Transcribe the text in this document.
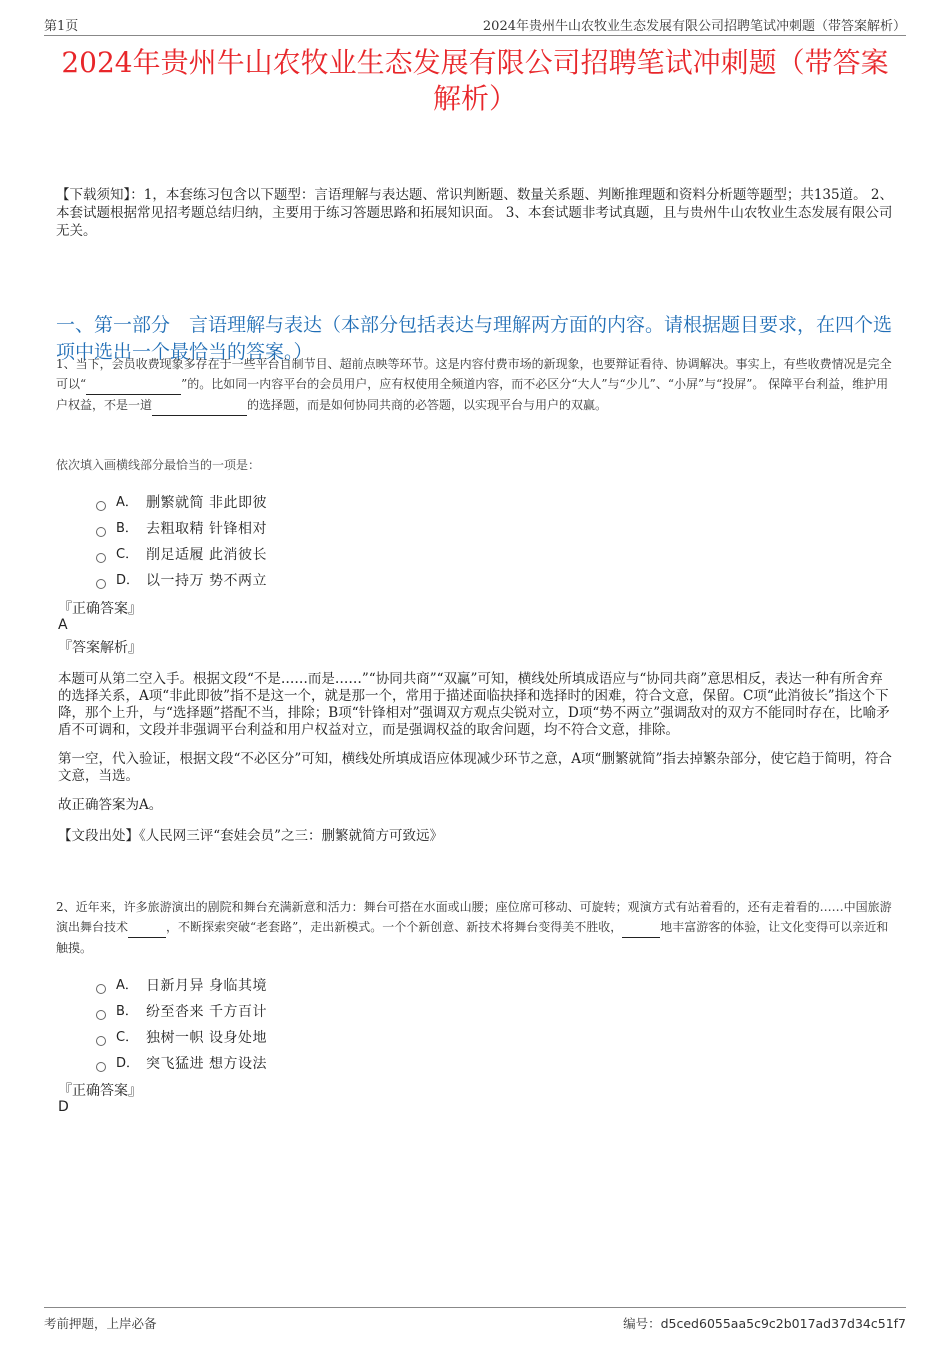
第1页	2024年贵州牛山农牧业生态发展有限公司招聘笔试冲刺题（带答案解析）
2024年贵州牛山农牧业生态发展有限公司招聘笔试冲刺题（带答案解析）
【下载须知】：1，本套练习包含以下题型：言语理解与表达题、常识判断题、数量关系题、判断推理题和资料分析题等题型；共135道。 2、本套试题根据常见招考题总结归纳，主要用于练习答题思路和拓展知识面。 3、本套试题非考试真题，且与贵州牛山农牧业生态发展有限公司无关。
一、第一部分　言语理解与表达（本部分包括表达与理解两方面的内容。请根据题目要求，在四个选项中选出一个最恰当的答案。）
1、当下，会员收费现象多存在于一些平台自制节目、超前点映等环节。这是内容付费市场的新现象，也要辩证看待、协调解决。事实上，有些收费情况是完全可以“	”的。比如同一内容平台的会员用户，应有权使用全频道内容，而不必区分“大人”与“少儿”、“小屏”与“投屏”。 保障平台利益，维护用户权益，不是一道	的选择题，而是如何协同共商的必答题，以实现平台与用户的双赢。
依次填入画横线部分最恰当的一项是：
A． 删繁就简 非此即彼
B． 去粗取精 针锋相对
C． 削足适履 此消彼长
D． 以一持万 势不两立
『正确答案』
A
『答案解析』

本题可从第二空入手。根据文段“不是……而是……”“协同共商”“双赢”可知，横线处所填成语应与“协同共商”意思相反，表达一种有所舍弃的选择关系，A项“非此即彼”指不是这一个，就是那一个，常用于描述面临抉择和选择时的困难，符合文意，保留。C项“此消彼长”指这个下降，那个上升，与“选择题”搭配不当，排除；B项“针锋相对”强调双方观点尖锐对立，D项“势不两立”强调敌对的双方不能同时存在，比喻矛盾不可调和，文段并非强调平台利益和用户权益对立，而是强调权益的取舍问题，均不符合文意，排除。

第一空，代入验证，根据文段“不必区分”可知，横线处所填成语应体现减少环节之意，A项“删繁就简”指去掉繁杂部分，使它趋于简明，符合文意，当选。

故正确答案为A。

【文段出处】《人民网三评“套娃会员”之三：删繁就简方可致远》

2、近年来，许多旅游演出的剧院和舞台充满新意和活力：舞台可搭在水面或山腰；座位席可移动、可旋转；观演方式有站着看的，还有走着看的……中国旅游演出舞台技术	，不断探索突破“老套路”，走出新模式。一个个新创意、新技术将舞台变得美不胜收，	地丰富游客的体验，让文化变得可以亲近和触摸。
A． 日新月异 身临其境
B． 纷至沓来 千方百计
C． 独树一帜 设身处地
D． 突飞猛进 想方设法
『正确答案』
D
考前押题，上岸必备	编号：d5ced6055aa5c9c2b017ad37d34c51f7
